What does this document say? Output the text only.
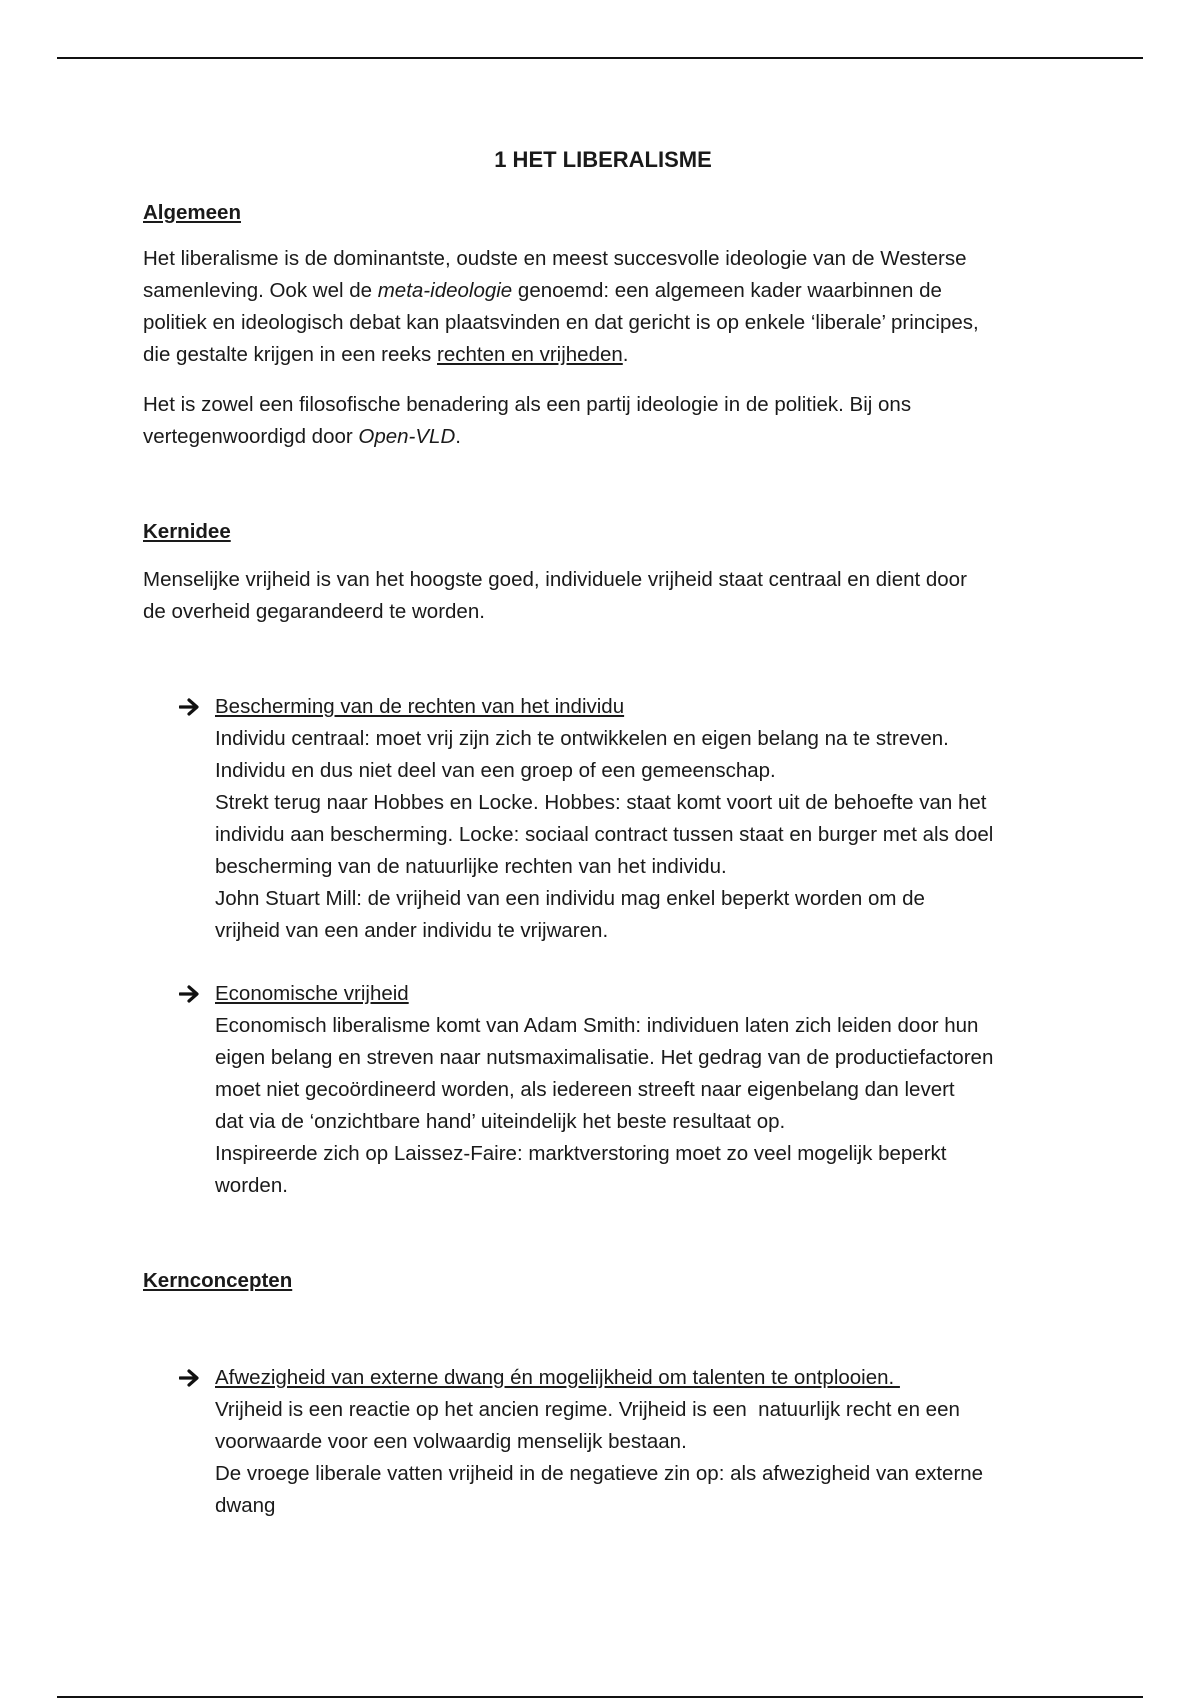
1 HET LIBERALISME
Algemeen
Het liberalisme is de dominantste, oudste en meest succesvolle ideologie van de Westerse
samenleving. Ook wel de meta-ideologie genoemd: een algemeen kader waarbinnen de
politiek en ideologisch debat kan plaatsvinden en dat gericht is op enkele ‘liberale’ principes,
die gestalte krijgen in een reeks rechten en vrijheden.
Het is zowel een filosofische benadering als een partij ideologie in de politiek. Bij ons
vertegenwoordigd door Open-VLD.
Kernidee
Menselijke vrijheid is van het hoogste goed, individuele vrijheid staat centraal en dient door
de overheid gegarandeerd te worden.
Bescherming van de rechten van het individu
Individu centraal: moet vrij zijn zich te ontwikkelen en eigen belang na te streven.
Individu en dus niet deel van een groep of een gemeenschap.
Strekt terug naar Hobbes en Locke. Hobbes: staat komt voort uit de behoefte van het
individu aan bescherming. Locke: sociaal contract tussen staat en burger met als doel
bescherming van de natuurlijke rechten van het individu.
John Stuart Mill: de vrijheid van een individu mag enkel beperkt worden om de
vrijheid van een ander individu te vrijwaren.
Economische vrijheid
Economisch liberalisme komt van Adam Smith: individuen laten zich leiden door hun
eigen belang en streven naar nutsmaximalisatie. Het gedrag van de productiefactoren
moet niet gecoördineerd worden, als iedereen streeft naar eigenbelang dan levert
dat via de ‘onzichtbare hand’ uiteindelijk het beste resultaat op.
Inspireerde zich op Laissez-Faire: marktverstoring moet zo veel mogelijk beperkt
worden.
Kernconcepten
Afwezigheid van externe dwang én mogelijkheid om talenten te ontplooien.
Vrijheid is een reactie op het ancien regime. Vrijheid is een  natuurlijk recht en een
voorwaarde voor een volwaardig menselijk bestaan.
De vroege liberale vatten vrijheid in de negatieve zin op: als afwezigheid van externe
dwang
